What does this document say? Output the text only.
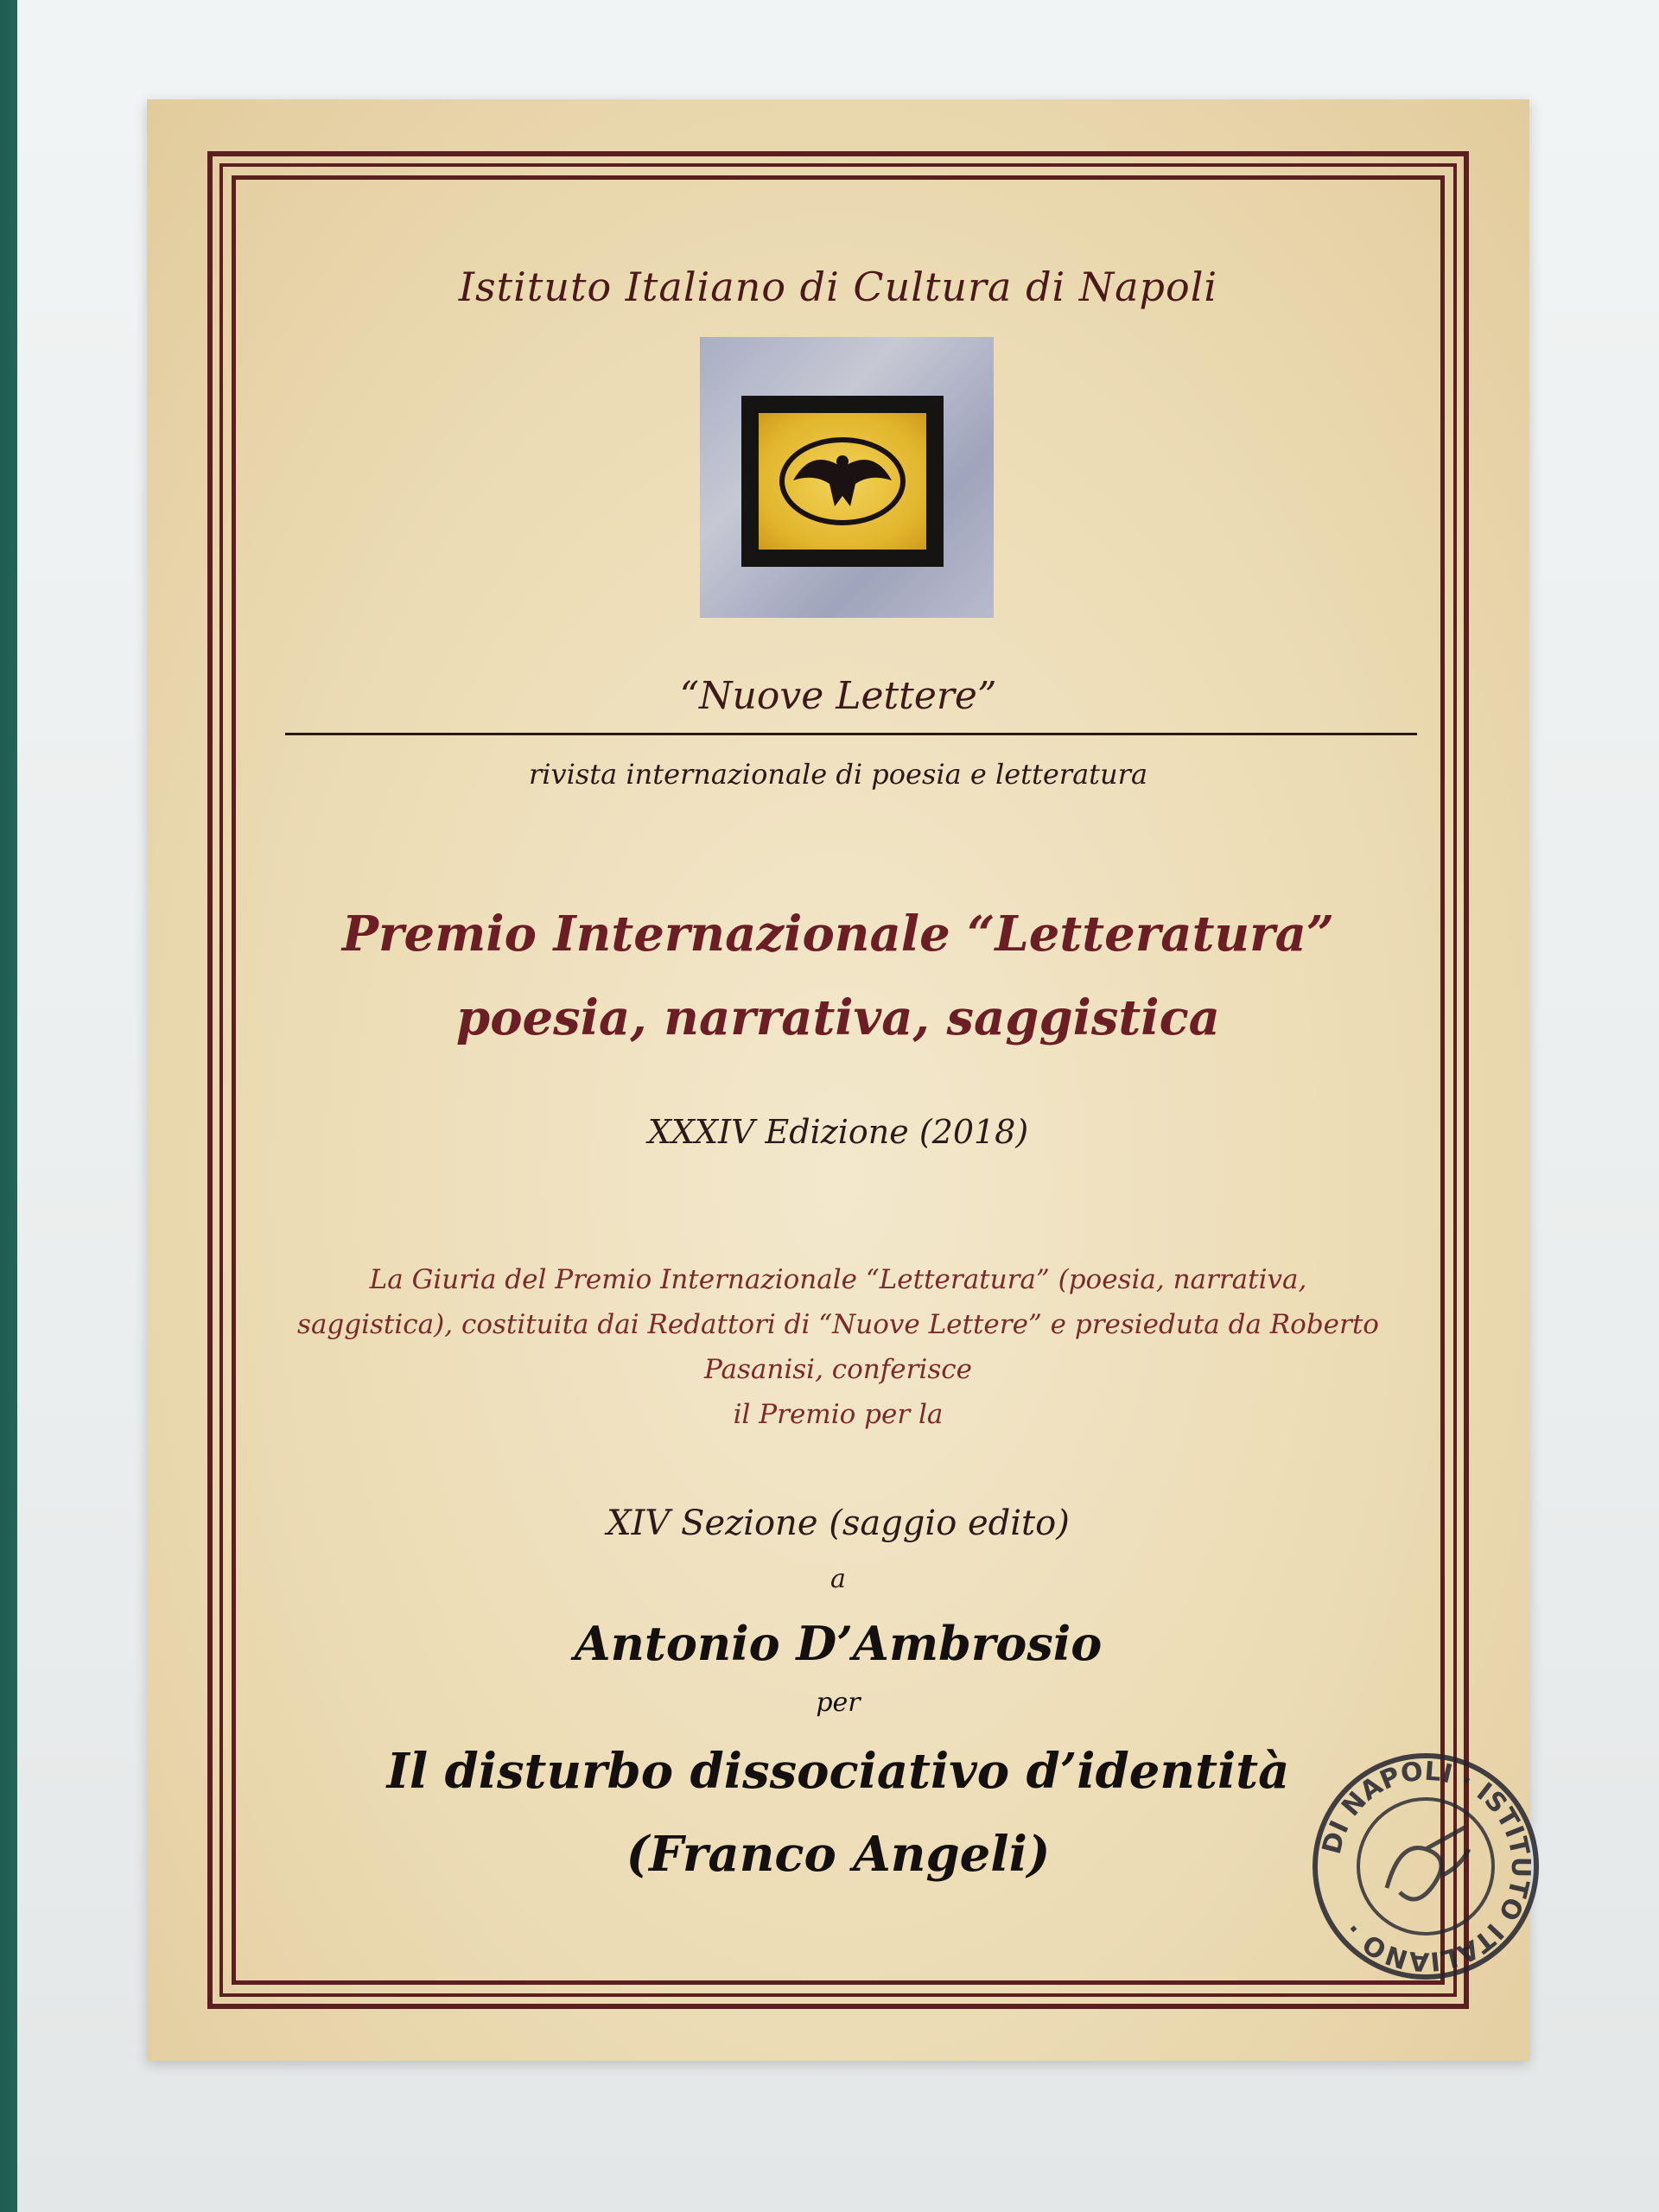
Istituto Italiano di Cultura di Napoli
“Nuove Lettere”
rivista internazionale di poesia e letteratura
Premio Internazionale “Letteratura”
poesia, narrativa, saggistica
XXXIV Edizione (2018)
La Giuria del Premio Internazionale “Letteratura” (poesia, narrativa,
saggistica), costituita dai Redattori di “Nuove Lettere” e presieduta da Roberto
Pasanisi, conferisce
il Premio per la
XIV Sezione (saggio edito)
a
Antonio D’Ambrosio
per
Il disturbo dissociativo d’identità
(Franco Angeli)	DI NAPOLI · ISTITUTO ITALIANO ·
